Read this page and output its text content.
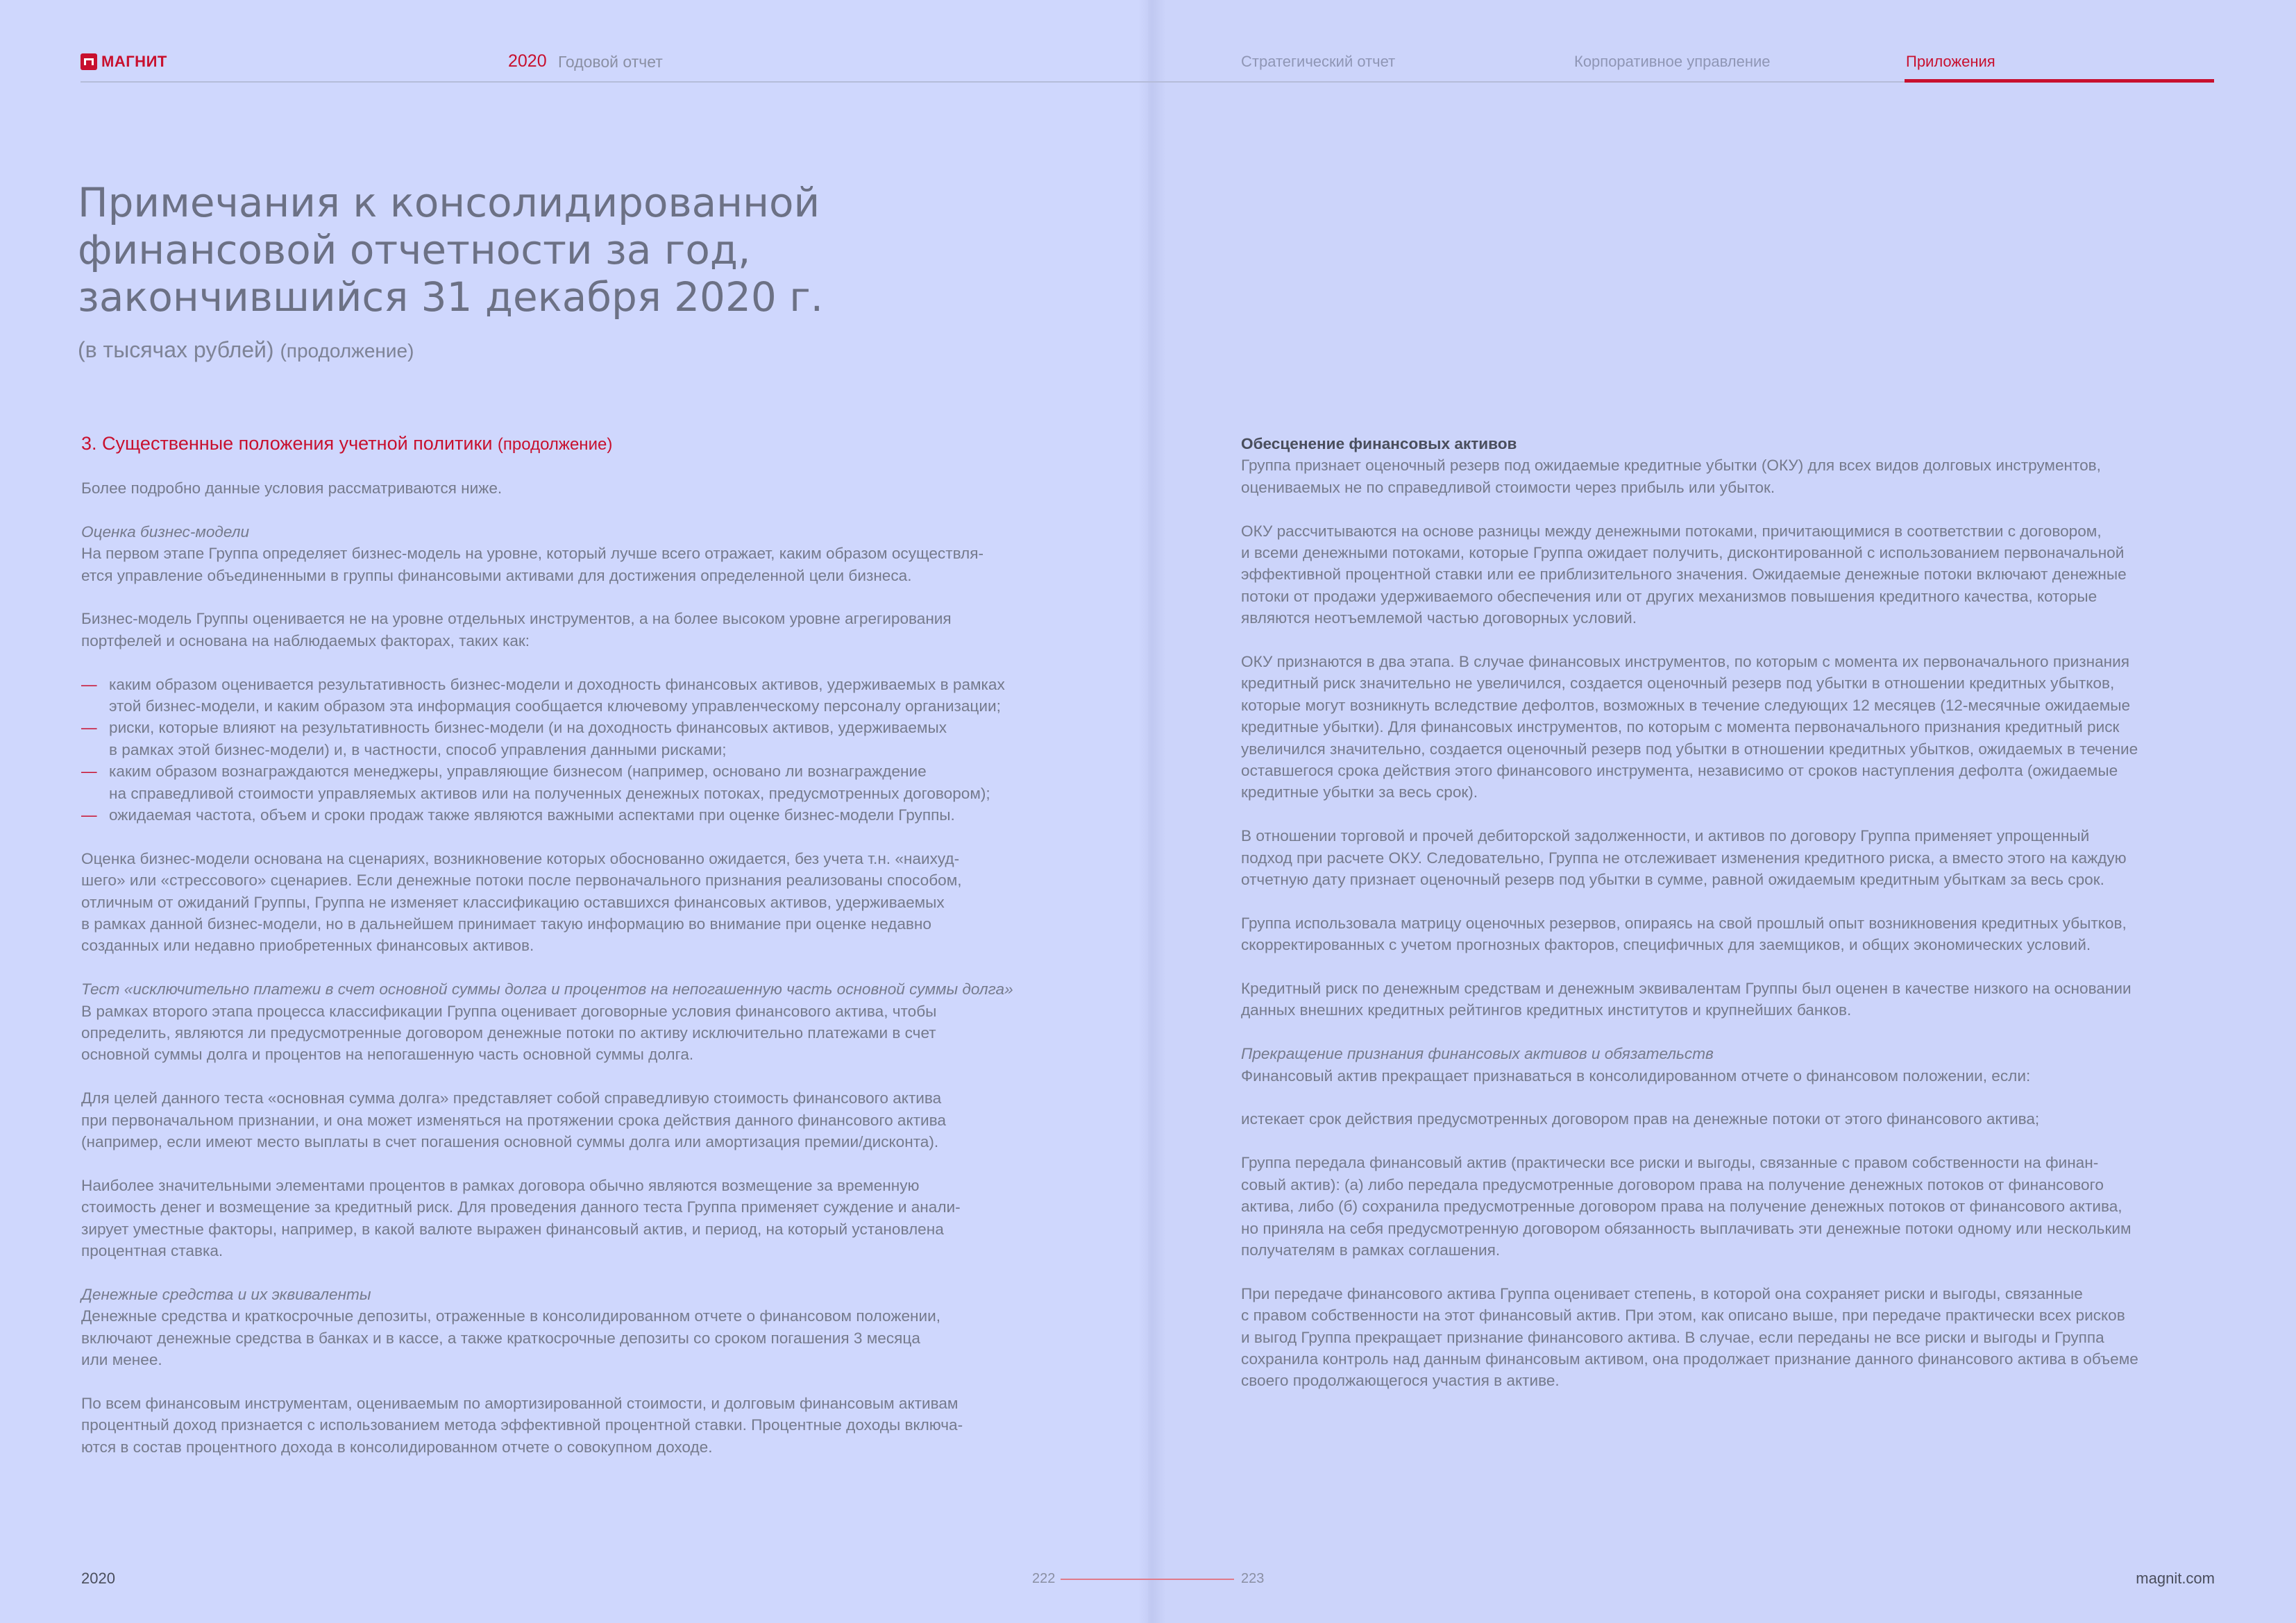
МАГНИТ	2020 Годовой отчет	Стратегический отчет	Корпоративное управление	Приложения
Примечания к консолидированной
финансовой отчетности за год,
закончившийся 31 декабря 2020 г.
(в тысячах рублей) (продолжение)
3. Существенные положения учетной политики (продолжение)

Более подробно данные условия рассматриваются ниже.

Оценка бизнес-модели
На первом этапе Группа определяет бизнес-модель на уровне, который лучше всего отражает, каким образом осуществля-
ется управление объединенными в группы финансовыми активами для достижения определенной цели бизнеса.

Бизнес-модель Группы оценивается не на уровне отдельных инструментов, а на более высоком уровне агрегирования
портфелей и основана на наблюдаемых факторах, таких как:

— каким образом оценивается результативность бизнес-модели и доходность финансовых активов, удерживаемых в рамках
этой бизнес-модели, и каким образом эта информация сообщается ключевому управленческому персоналу организации;
— риски, которые влияют на результативность бизнес-модели (и на доходность финансовых активов, удерживаемых
в рамках этой бизнес-модели) и, в частности, способ управления данными рисками;
— каким образом вознаграждаются менеджеры, управляющие бизнесом (например, основано ли вознаграждение
на справедливой стоимости управляемых активов или на полученных денежных потоках, предусмотренных договором);
— ожидаемая частота, объем и сроки продаж также являются важными аспектами при оценке бизнес-модели Группы.

Оценка бизнес-модели основана на сценариях, возникновение которых обоснованно ожидается, без учета т.н. «наихуд-
шего» или «стрессового» сценариев. Если денежные потоки после первоначального признания реализованы способом,
отличным от ожиданий Группы, Группа не изменяет классификацию оставшихся финансовых активов, удерживаемых
в рамках данной бизнес-модели, но в дальнейшем принимает такую информацию во внимание при оценке недавно
созданных или недавно приобретенных финансовых активов.

Тест «исключительно платежи в счет основной суммы долга и процентов на непогашенную часть основной суммы долга»
В рамках второго этапа процесса классификации Группа оценивает договорные условия финансового актива, чтобы
определить, являются ли предусмотренные договором денежные потоки по активу исключительно платежами в счет
основной суммы долга и процентов на непогашенную часть основной суммы долга.

Для целей данного теста «основная сумма долга» представляет собой справедливую стоимость финансового актива
при первоначальном признании, и она может изменяться на протяжении срока действия данного финансового актива
(например, если имеют место выплаты в счет погашения основной суммы долга или амортизация премии/дисконта).

Наиболее значительными элементами процентов в рамках договора обычно являются возмещение за временную
стоимость денег и возмещение за кредитный риск. Для проведения данного теста Группа применяет суждение и анали-
зирует уместные факторы, например, в какой валюте выражен финансовый актив, и период, на который установлена
процентная ставка.

Денежные средства и их эквиваленты
Денежные средства и краткосрочные депозиты, отраженные в консолидированном отчете о финансовом положении,
включают денежные средства в банках и в кассе, а также краткосрочные депозиты со сроком погашения 3 месяца
или менее.

По всем финансовым инструментам, оцениваемым по амортизированной стоимости, и долговым финансовым активам
процентный доход признается с использованием метода эффективной процентной ставки. Процентные доходы включа-
ются в состав процентного дохода в консолидированном отчете о совокупном доходе.

Обесценение финансовых активов
Группа признает оценочный резерв под ожидаемые кредитные убытки (ОКУ) для всех видов долговых инструментов,
оцениваемых не по справедливой стоимости через прибыль или убыток.

ОКУ рассчитываются на основе разницы между денежными потоками, причитающимися в соответствии с договором,
и всеми денежными потоками, которые Группа ожидает получить, дисконтированной с использованием первоначальной
эффективной процентной ставки или ее приблизительного значения. Ожидаемые денежные потоки включают денежные
потоки от продажи удерживаемого обеспечения или от других механизмов повышения кредитного качества, которые
являются неотъемлемой частью договорных условий.

ОКУ признаются в два этапа. В случае финансовых инструментов, по которым с момента их первоначального признания
кредитный риск значительно не увеличился, создается оценочный резерв под убытки в отношении кредитных убытков,
которые могут возникнуть вследствие дефолтов, возможных в течение следующих 12 месяцев (12-месячные ожидаемые
кредитные убытки). Для финансовых инструментов, по которым с момента первоначального признания кредитный риск
увеличился значительно, создается оценочный резерв под убытки в отношении кредитных убытков, ожидаемых в течение
оставшегося срока действия этого финансового инструмента, независимо от сроков наступления дефолта (ожидаемые
кредитные убытки за весь срок).

В отношении торговой и прочей дебиторской задолженности, и активов по договору Группа применяет упрощенный
подход при расчете ОКУ. Следовательно, Группа не отслеживает изменения кредитного риска, а вместо этого на каждую
отчетную дату признает оценочный резерв под убытки в сумме, равной ожидаемым кредитным убыткам за весь срок.

Группа использовала матрицу оценочных резервов, опираясь на свой прошлый опыт возникновения кредитных убытков,
скорректированных с учетом прогнозных факторов, специфичных для заемщиков, и общих экономических условий.

Кредитный риск по денежным средствам и денежным эквивалентам Группы был оценен в качестве низкого на основании
данных внешних кредитных рейтингов кредитных институтов и крупнейших банков.

Прекращение признания финансовых активов и обязательств
Финансовый актив прекращает признаваться в консолидированном отчете о финансовом положении, если:

истекает срок действия предусмотренных договором прав на денежные потоки от этого финансового актива;

Группа передала финансовый актив (практически все риски и выгоды, связанные с правом собственности на финан-
совый актив): (а) либо передала предусмотренные договором права на получение денежных потоков от финансового
актива, либо (б) сохранила предусмотренные договором права на получение денежных потоков от финансового актива,
но приняла на себя предусмотренную договором обязанность выплачивать эти денежные потоки одному или нескольким
получателям в рамках соглашения.

При передаче финансового актива Группа оценивает степень, в которой она сохраняет риски и выгоды, связанные
с правом собственности на этот финансовый актив. При этом, как описано выше, при передаче практически всех рисков
и выгод Группа прекращает признание финансового актива. В случае, если переданы не все риски и выгоды и Группа
сохранила контроль над данным финансовым активом, она продолжает признание данного финансового актива в объеме
своего продолжающегося участия в активе.

2020	222	223	magnit.com
